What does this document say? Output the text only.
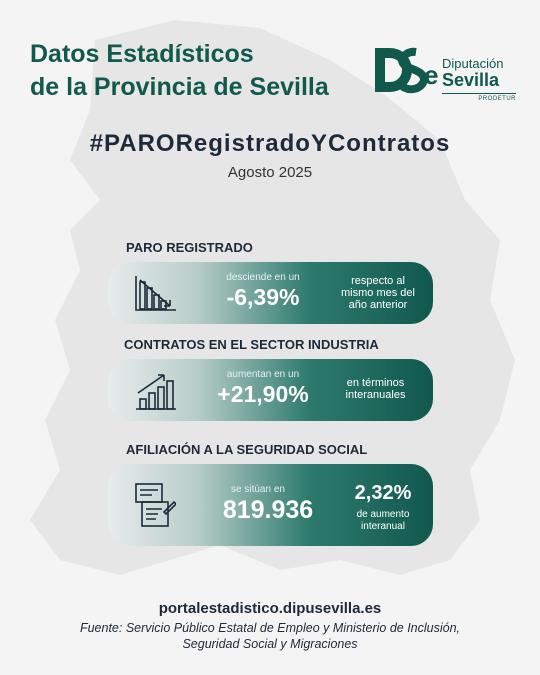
Datos Estadísticos
de la Provincia de Sevilla	e Diputación
Sevilla
PRODETUR
#PARORegistradoYContratos
Agosto 2025
PARO REGISTRADO
desciende en un
-6,39%
respecto al
mismo mes del
año anterior
CONTRATOS EN EL SECTOR INDUSTRIA
aumentan en un
+21,90%	en términos
interanuales
AFILIACIÓN A LA SEGURIDAD SOCIAL
se sitúan en
819.936
2,32%
de aumento
interanual
portalestadistico.dipusevilla.es
Fuente: Servicio Público Estatal de Empleo y Ministerio de Inclusión,
Seguridad Social y Migraciones
